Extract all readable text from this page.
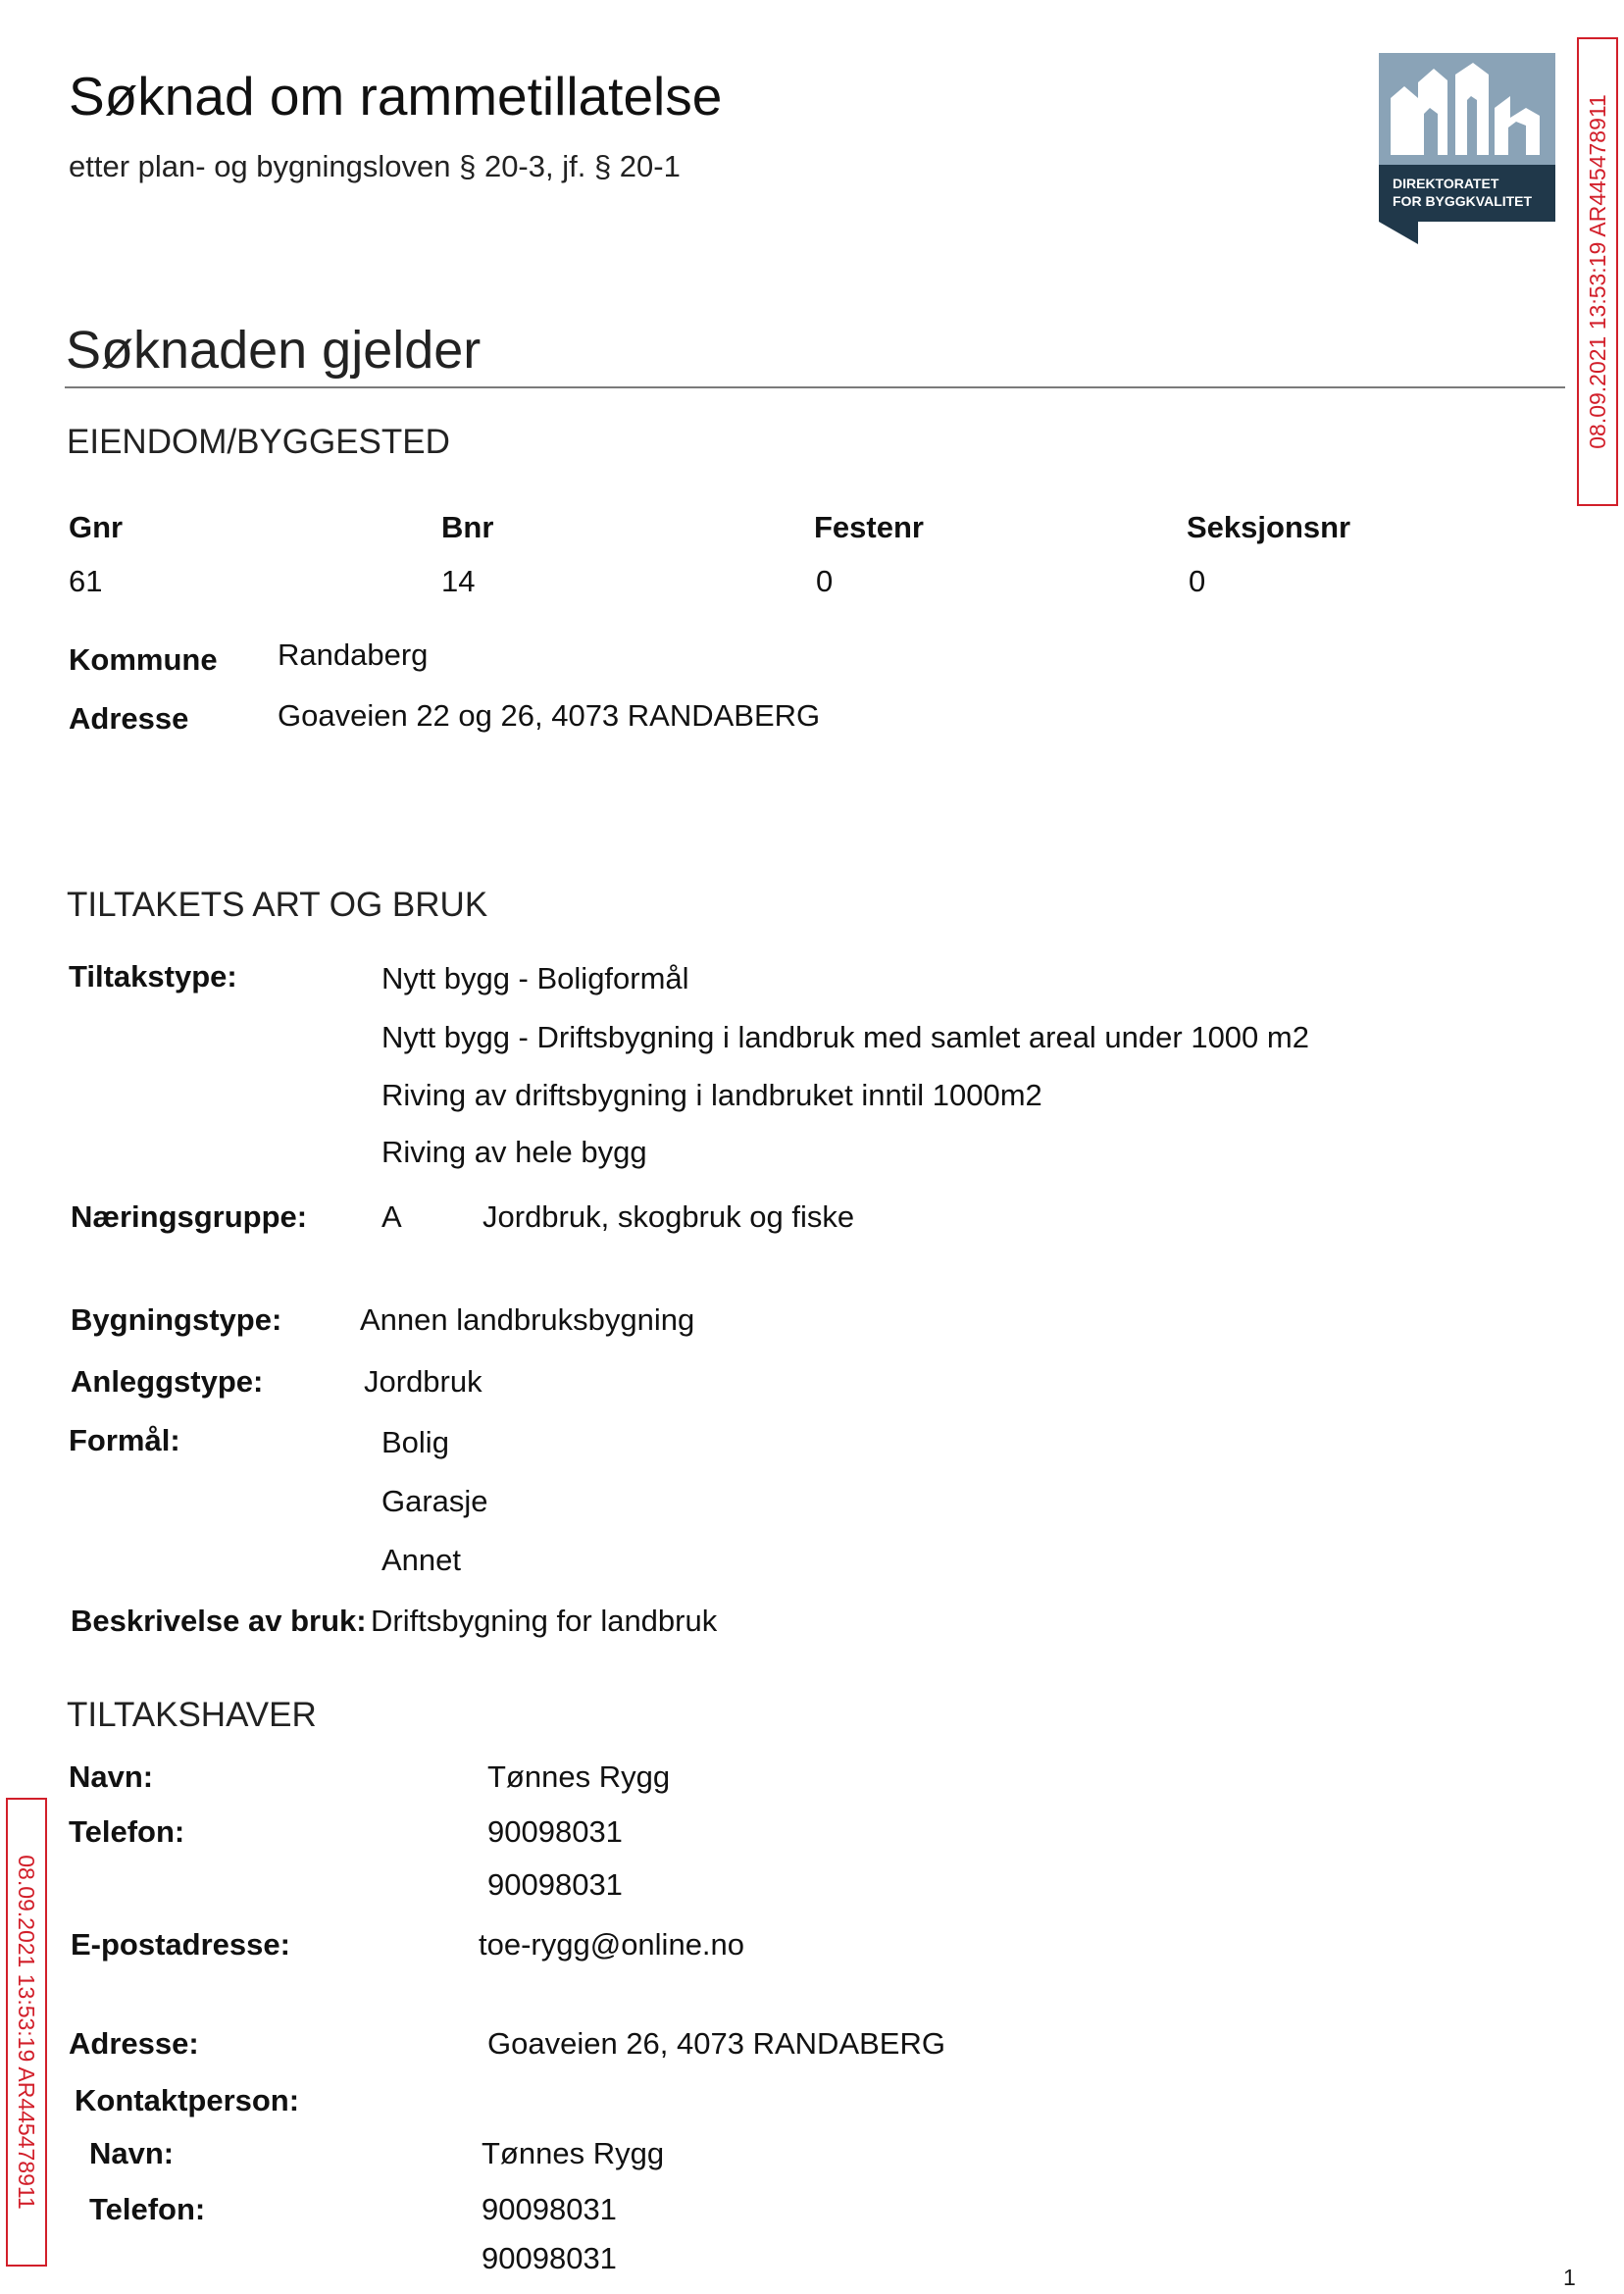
Søknad om rammetillatelse
etter plan- og bygningsloven § 20-3, jf. § 20-1	DIREKTORATET
FOR BYGGKVALITET	08.09.2021 13:53:19 AR445478911
08.09.2021 13:53:19 AR445478911
Søknaden gjelder
EIENDOM/BYGGESTED
Gnr	Bnr	Festenr	Seksjonsnr
61	14	0	0
Kommune Randaberg
Adresse	Goaveien 22 og 26, 4073 RANDABERG
TILTAKETS ART OG BRUK
Tiltakstype:	Nytt bygg - Boligformål
Nytt bygg - Driftsbygning i landbruk med samlet areal under 1000 m2
Riving av driftsbygning i landbruket inntil 1000m2
Riving av hele bygg
Næringsgruppe: A	Jordbruk, skogbruk og fiske
Bygningstype:	Annen landbruksbygning
Anleggstype:	Jordbruk
Formål:	Bolig
Garasje
Annet
Beskrivelse av bruk: Driftsbygning for landbruk
TILTAKSHAVER
Navn:	Tønnes Rygg
Telefon:	90098031
90098031
E-postadresse:	toe-rygg@online.no
Adresse:	Goaveien 26, 4073 RANDABERG
Kontaktperson:
Navn:	Tønnes Rygg
Telefon:	90098031
90098031
1
